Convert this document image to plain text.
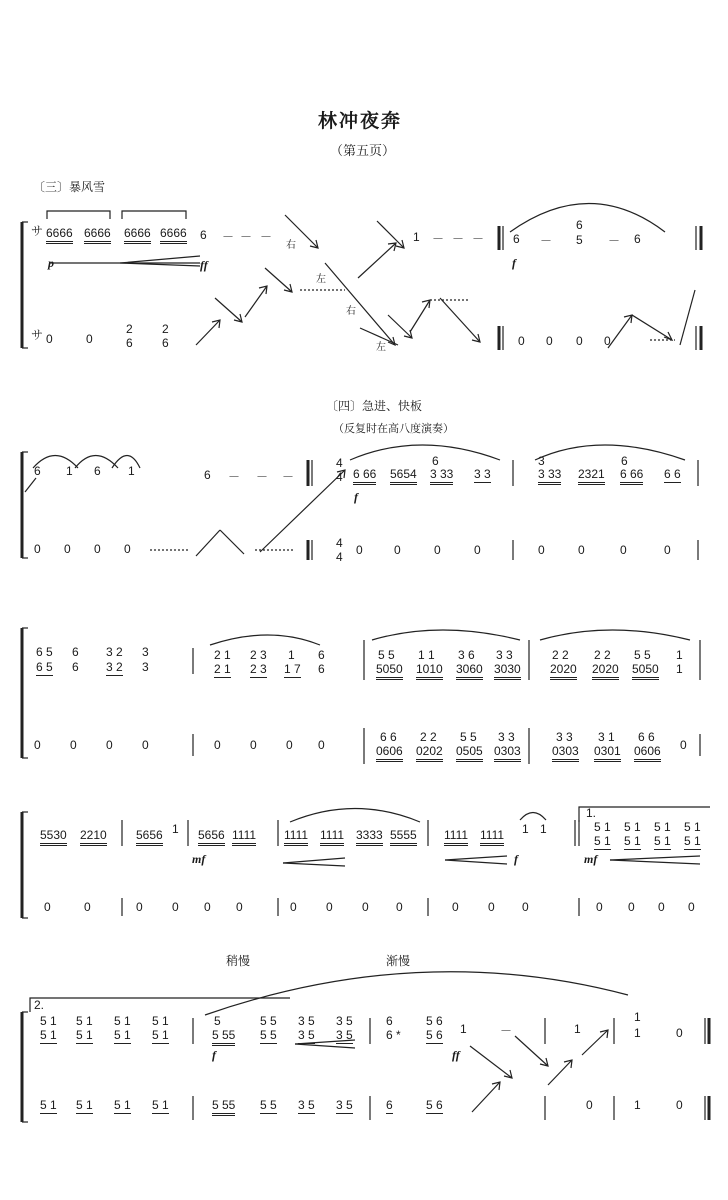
林冲夜奔
（第五页）
〔三〕暴风雪
サ
サ
6666 6666 6666 6666 6 － － －	1 － － －
右
左
右
左
p	ff
6 －
6
5 － 6
f
0	0
2
6
2
6	0 0 0 0
〔四〕急进、快板
（反复时在高八度演奏）
6 1 6 1	6 － － －
4
4
4
4
6 66 5654
6
3 33 3 3
f
3
3 33 2321
6
6 66 6 6
0 0 0 0	0	0	0	0	0	0	0	0
6 5
6 5
6
6
3 2
3 2
3
3
2 1
2 1
2 3
2 3
1
1 7
6
6
5 5
5050
1 1
1010
3 6
3060
3 3
3030
2 2
2020
2 2
2020
5 5
5050
1
1
0 0 0 0	0 0 0 0
6 6
0606
2 2
0202
5 5
0505
3 3
0303
3 3
0303
3 1
0301
6 6
0606 0
5530 2210 5656 1 5656 1111
mf
1111 1111 3333 5555 1111 1111 1 1
f
1.
5 1
5 1
5 1
5 1
5 1
5 1
5 1
5 1
mf
0	0	0 0 0 0	0 0 0 0	0 0 0	0 0 0 0
稍慢	渐慢
2.
5 1
5 1
5 1
5 1
5 1
5 1
5 1
5 1
5
5 55
5 5
5 5
3 5
3 5
3 5
3 5
f
6
6 *
5 6
5 6 1	－
ff
1
1
1	0
5 1 5 1 5 1 5 1	5 55 5 5 3 5 3 5	6	5 6	0	1	0
